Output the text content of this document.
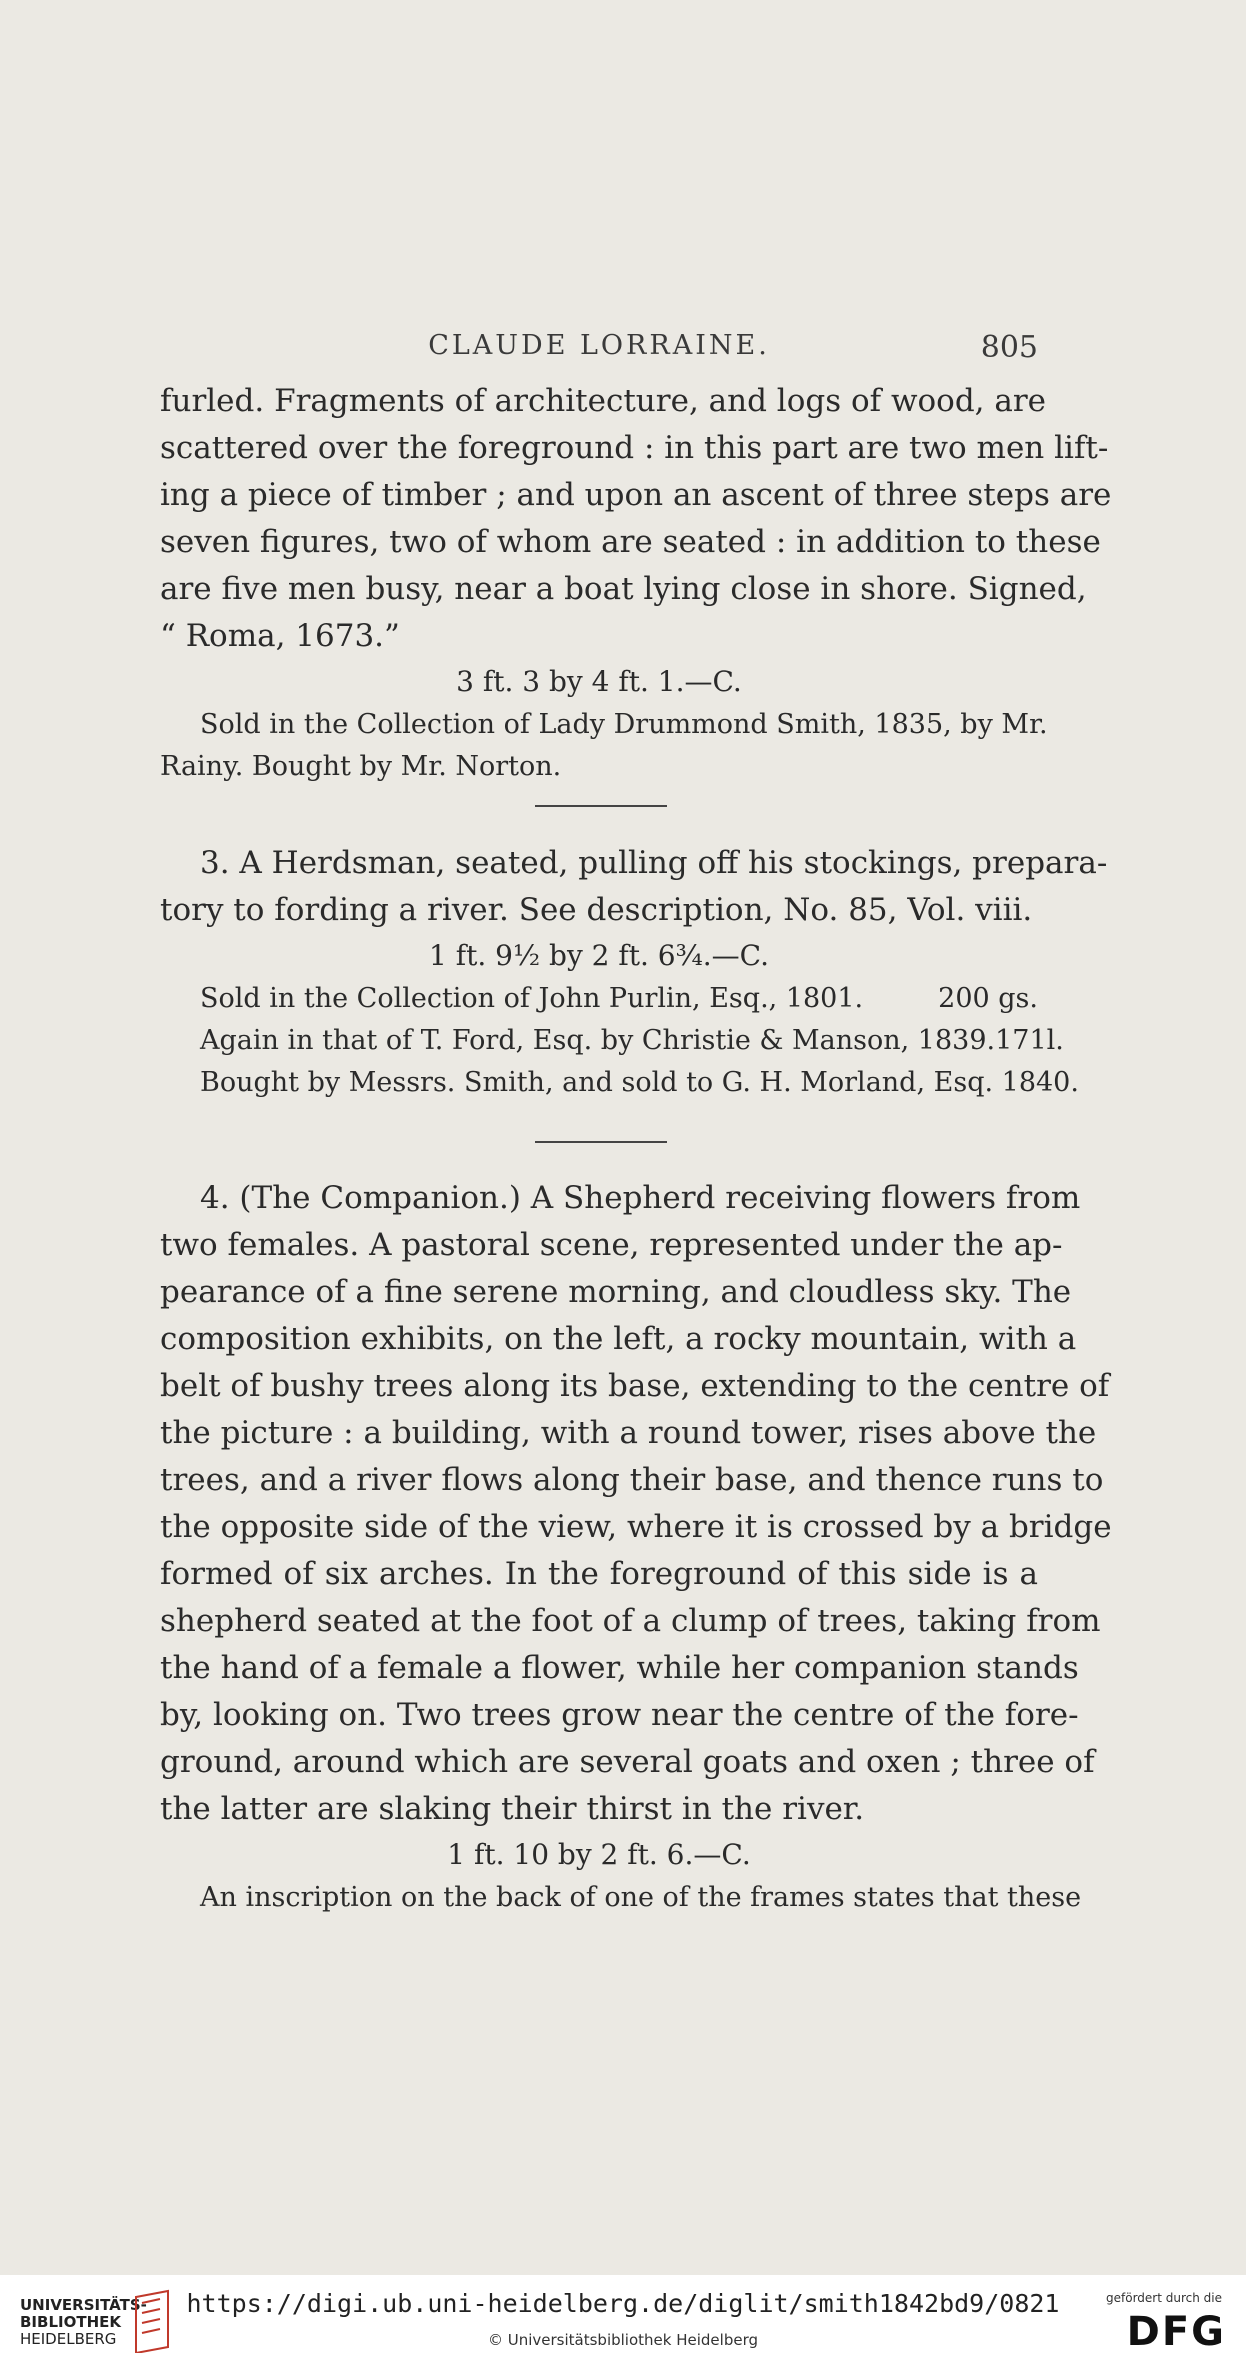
CLAUDE LORRAINE.	805
furled. Fragments of architecture, and logs of wood, are
scattered over the foreground : in this part are two men lift-
ing a piece of timber ; and upon an ascent of three steps are
seven figures, two of whom are seated : in addition to these
are five men busy, near a boat lying close in shore. Signed,
“ Roma, 1673.”
3 ft. 3 by 4 ft. 1.—C.
Sold in the Collection of Lady Drummond Smith, 1835, by Mr.
Rainy. Bought by Mr. Norton.
3. A Herdsman, seated, pulling off his stockings, prepara-
tory to fording a river. See description, No. 85, Vol. viii.
1 ft. 9½ by 2 ft. 6¾.—C.
Sold in the Collection of John Purlin, Esq., 1801.	200 gs.
Again in that of T. Ford, Esq. by Christie & Manson, 1839. 171l.
Bought by Messrs. Smith, and sold to G. H. Morland, Esq. 1840.
4. (The Companion.) A Shepherd receiving flowers from
two females. A pastoral scene, represented under the ap-
pearance of a fine serene morning, and cloudless sky. The
composition exhibits, on the left, a rocky mountain, with a
belt of bushy trees along its base, extending to the centre of
the picture : a building, with a round tower, rises above the
trees, and a river flows along their base, and thence runs to
the opposite side of the view, where it is crossed by a bridge
formed of six arches. In the foreground of this side is a
shepherd seated at the foot of a clump of trees, taking from
the hand of a female a flower, while her companion stands
by, looking on. Two trees grow near the centre of the fore-
ground, around which are several goats and oxen ; three of
the latter are slaking their thirst in the river.
1 ft. 10 by 2 ft. 6.—C.
An inscription on the back of one of the frames states that these
UNIVERSITÄTS-
BIBLIOTHEK
HEIDELBERG
https://digi.ub.uni-heidelberg.de/diglit/smith1842bd9/0821
© Universitätsbibliothek Heidelberg
gefördert durch die
DFG
